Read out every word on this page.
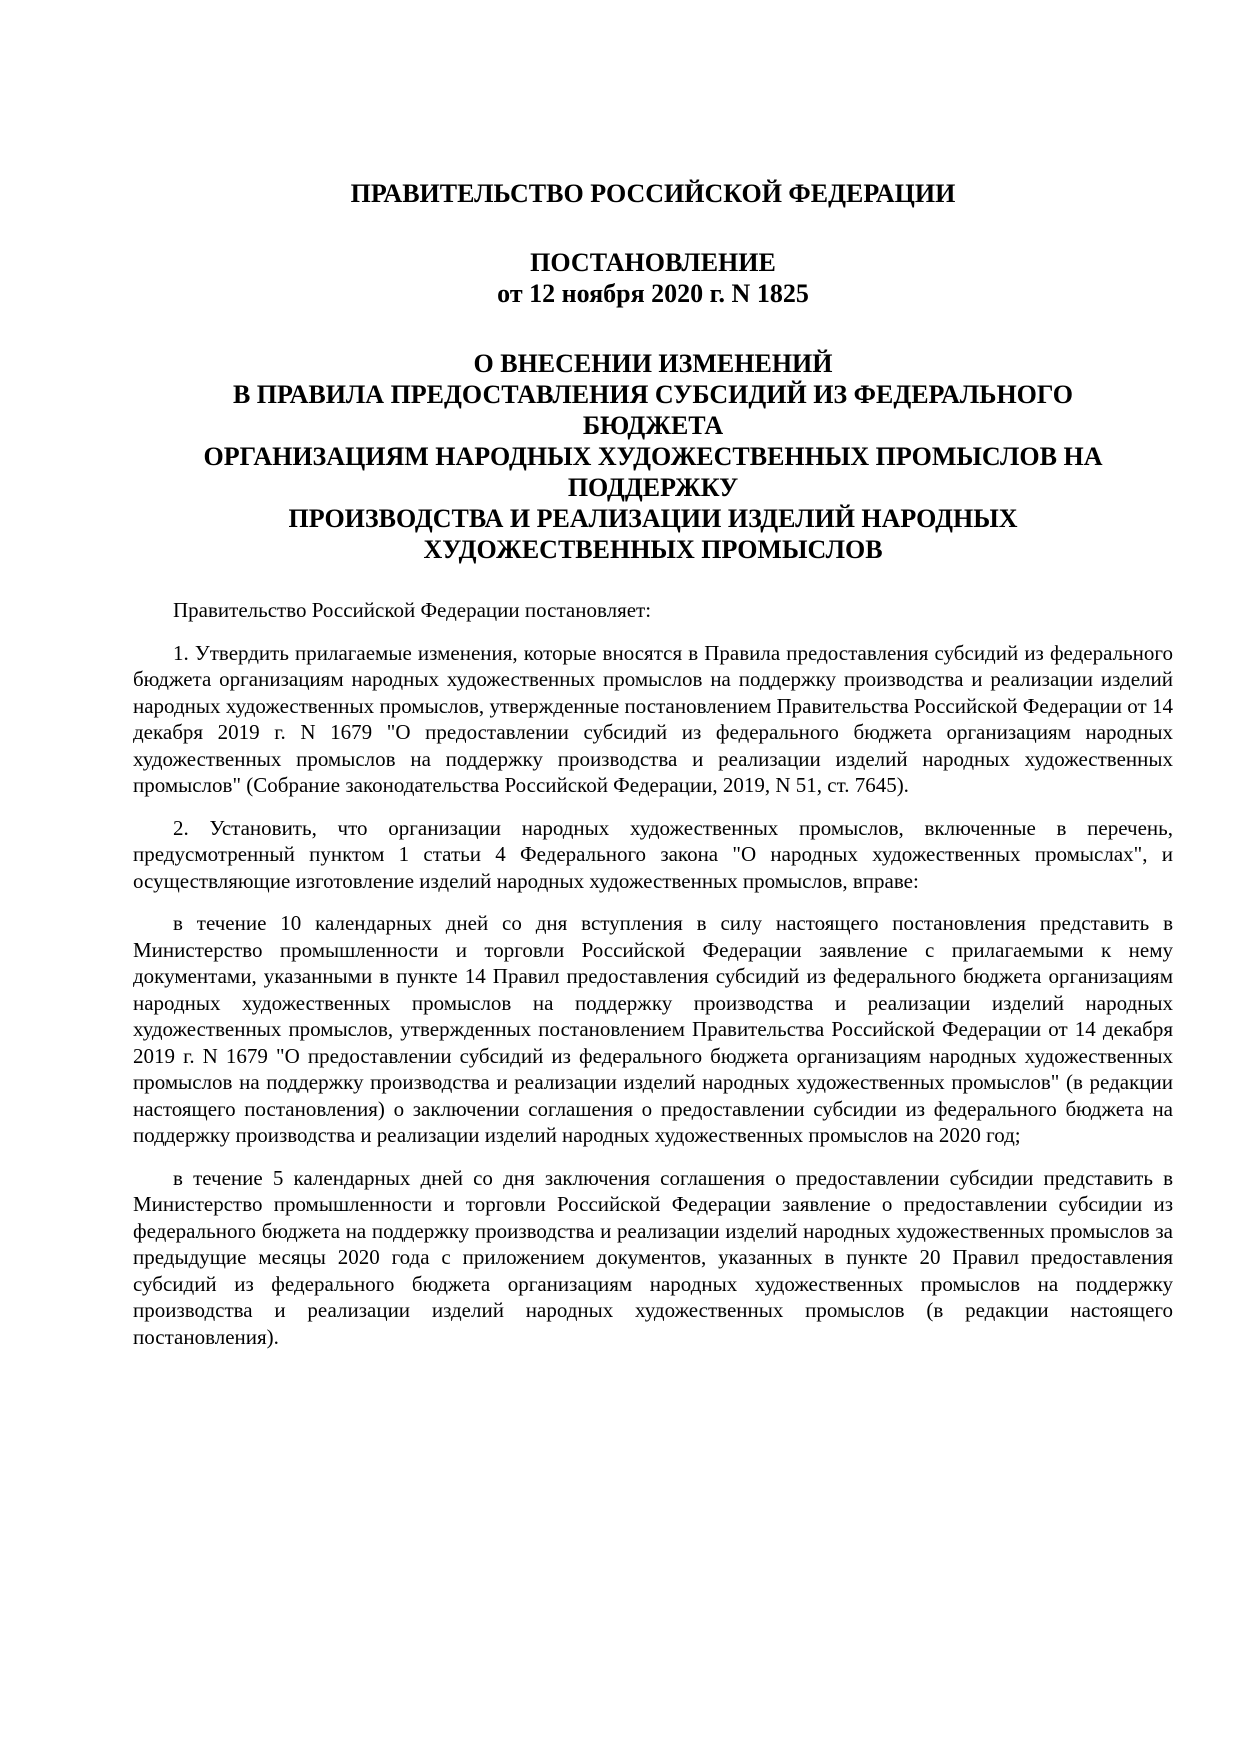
ПРАВИТЕЛЬСТВО РОССИЙСКОЙ ФЕДЕРАЦИИ
ПОСТАНОВЛЕНИЕ
от 12 ноября 2020 г. N 1825
О ВНЕСЕНИИ ИЗМЕНЕНИЙ
В ПРАВИЛА ПРЕДОСТАВЛЕНИЯ СУБСИДИЙ ИЗ ФЕДЕРАЛЬНОГО
БЮДЖЕТА
ОРГАНИЗАЦИЯМ НАРОДНЫХ ХУДОЖЕСТВЕННЫХ ПРОМЫСЛОВ НА
ПОДДЕРЖКУ
ПРОИЗВОДСТВА И РЕАЛИЗАЦИИ ИЗДЕЛИЙ НАРОДНЫХ
ХУДОЖЕСТВЕННЫХ ПРОМЫСЛОВ

Правительство Российской Федерации постановляет:

1. Утвердить прилагаемые изменения, которые вносятся в Правила предоставления субсидий из федерального бюджета организациям народных художественных промыслов на поддержку производства и реализации изделий народных художественных промыслов, утвержденные постановлением Правительства Российской Федерации от 14 декабря 2019 г. N 1679 "О предоставлении субсидий из федерального бюджета организациям народных художественных промыслов на поддержку производства и реализации изделий народных художественных промыслов" (Собрание законодательства Российской Федерации, 2019, N 51, ст. 7645).

2. Установить, что организации народных художественных промыслов, включенные в перечень, предусмотренный пунктом 1 статьи 4 Федерального закона "О народных художественных промыслах", и осуществляющие изготовление изделий народных художественных промыслов, вправе:

в течение 10 календарных дней со дня вступления в силу настоящего постановления представить в Министерство промышленности и торговли Российской Федерации заявление с прилагаемыми к нему документами, указанными в пункте 14 Правил предоставления субсидий из федерального бюджета организациям народных художественных промыслов на поддержку производства и реализации изделий народных художественных промыслов, утвержденных постановлением Правительства Российской Федерации от 14 декабря 2019 г. N 1679 "О предоставлении субсидий из федерального бюджета организациям народных художественных промыслов на поддержку производства и реализации изделий народных художественных промыслов" (в редакции настоящего постановления) о заключении соглашения о предоставлении субсидии из федерального бюджета на поддержку производства и реализации изделий народных художественных промыслов на 2020 год;

в течение 5 календарных дней со дня заключения соглашения о предоставлении субсидии представить в Министерство промышленности и торговли Российской Федерации заявление о предоставлении субсидии из федерального бюджета на поддержку производства и реализации изделий народных художественных промыслов за предыдущие месяцы 2020 года с приложением документов, указанных в пункте 20 Правил предоставления субсидий из федерального бюджета организациям народных художественных промыслов на поддержку производства и реализации изделий народных художественных промыслов (в редакции настоящего постановления).
